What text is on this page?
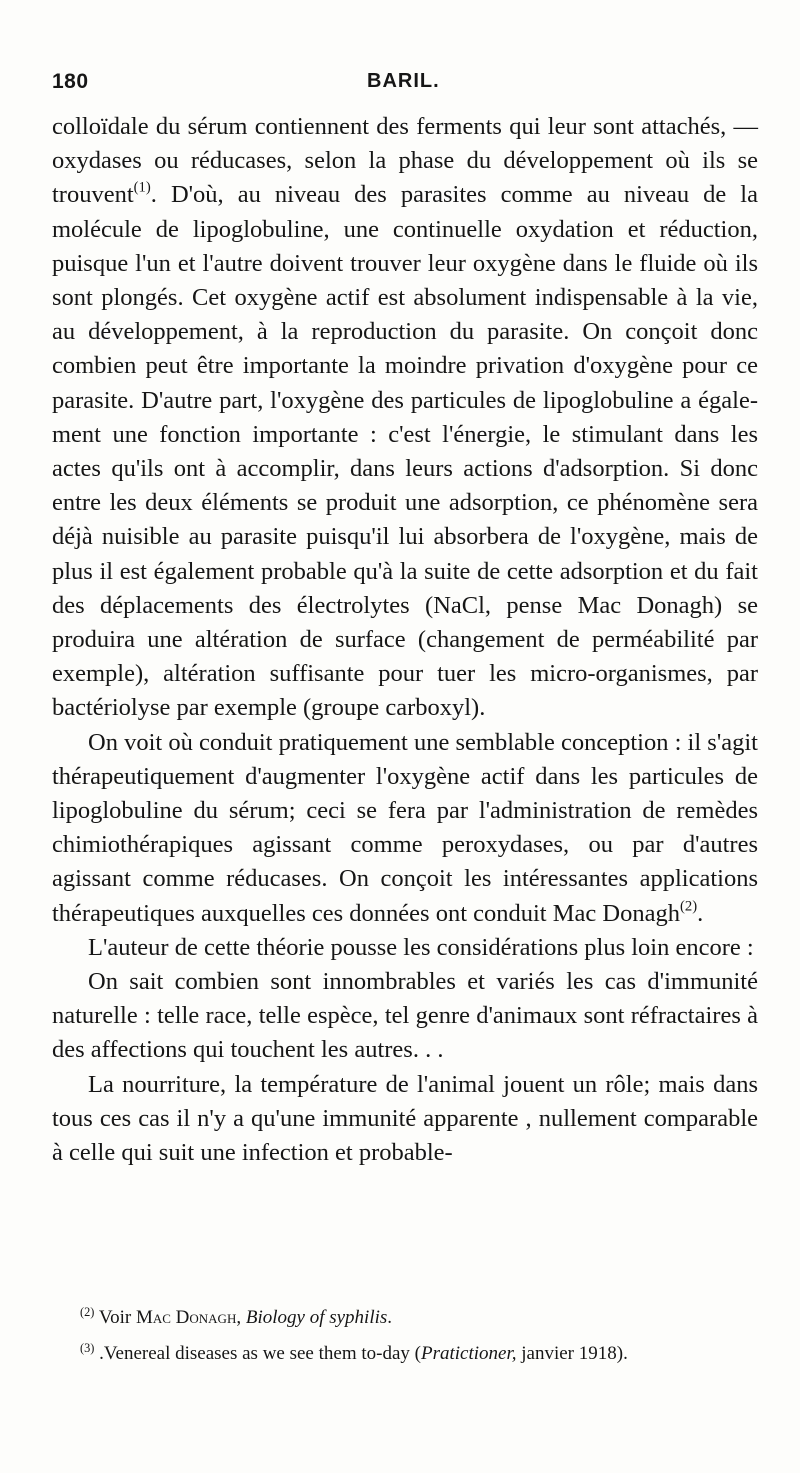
180	BARIL.

colloïdale du sérum contiennent des ferments qui leur sont attachés, — oxydases ou réducases, selon la phase du développement où ils se trouvent$^{(1)}$. D'où, au niveau des parasites comme au niveau de la molécule de lipoglobuline, une continuelle oxydation et réduction, puisque l'un et l'autre doivent trouver leur oxygène dans le fluide où ils sont plongés. Cet oxygène actif est absolument indispensable à la vie, au développement, à la reproduction du parasite. On conçoit donc combien peut être importante la moindre privation d'oxygène pour ce parasite. D'autre part, l'oxygène des particules de lipoglobuline a également une fonction importante : c'est l'énergie, le stimulant dans les actes qu'ils ont à accomplir, dans leurs actions d'adsorption. Si donc entre les deux éléments se produit une adsorption, ce phénomène sera déjà nuisible au parasite puisqu'il lui absorbera de l'oxygène, mais de plus il est également probable qu'à la suite de cette adsorption et du fait des déplacements des électrolytes (NaCl, pense Mac Donagh) se produira une altération de surface (changement de perméabilité par exemple), altération suffisante pour tuer les micro-organismes, par bactériolyse par exemple (groupe carboxyl).

On voit où conduit pratiquement une semblable conception : il s'agit thérapeutiquement d'augmenter l'oxygène actif dans les particules de lipoglobuline du sérum; ceci se fera par l'administration de remèdes chimiothérapiques agissant comme peroxydases, ou par d'autres agissant comme réducases. On conçoit les intéressantes applications thérapeutiques auxquelles ces données ont conduit Mac Donagh$^{(2)}$.

L'auteur de cette théorie pousse les considérations plus loin encore :

On sait combien sont innombrables et variés les cas d'immunité naturelle : telle race, telle espèce, tel genre d'animaux sont réfractaires à des affections qui touchent les autres. . .

La nourriture, la température de l'animal jouent un rôle; mais dans tous ces cas il n'y a qu'une immunité apparente , nullement comparable à celle qui suit une infection et probable-

$^{(2)}$ Voir Mac Donagh, Biology of syphilis.

$^{(3)}$ .Venereal diseases as we see them to-day (Pratictioner, janvier 1918).
